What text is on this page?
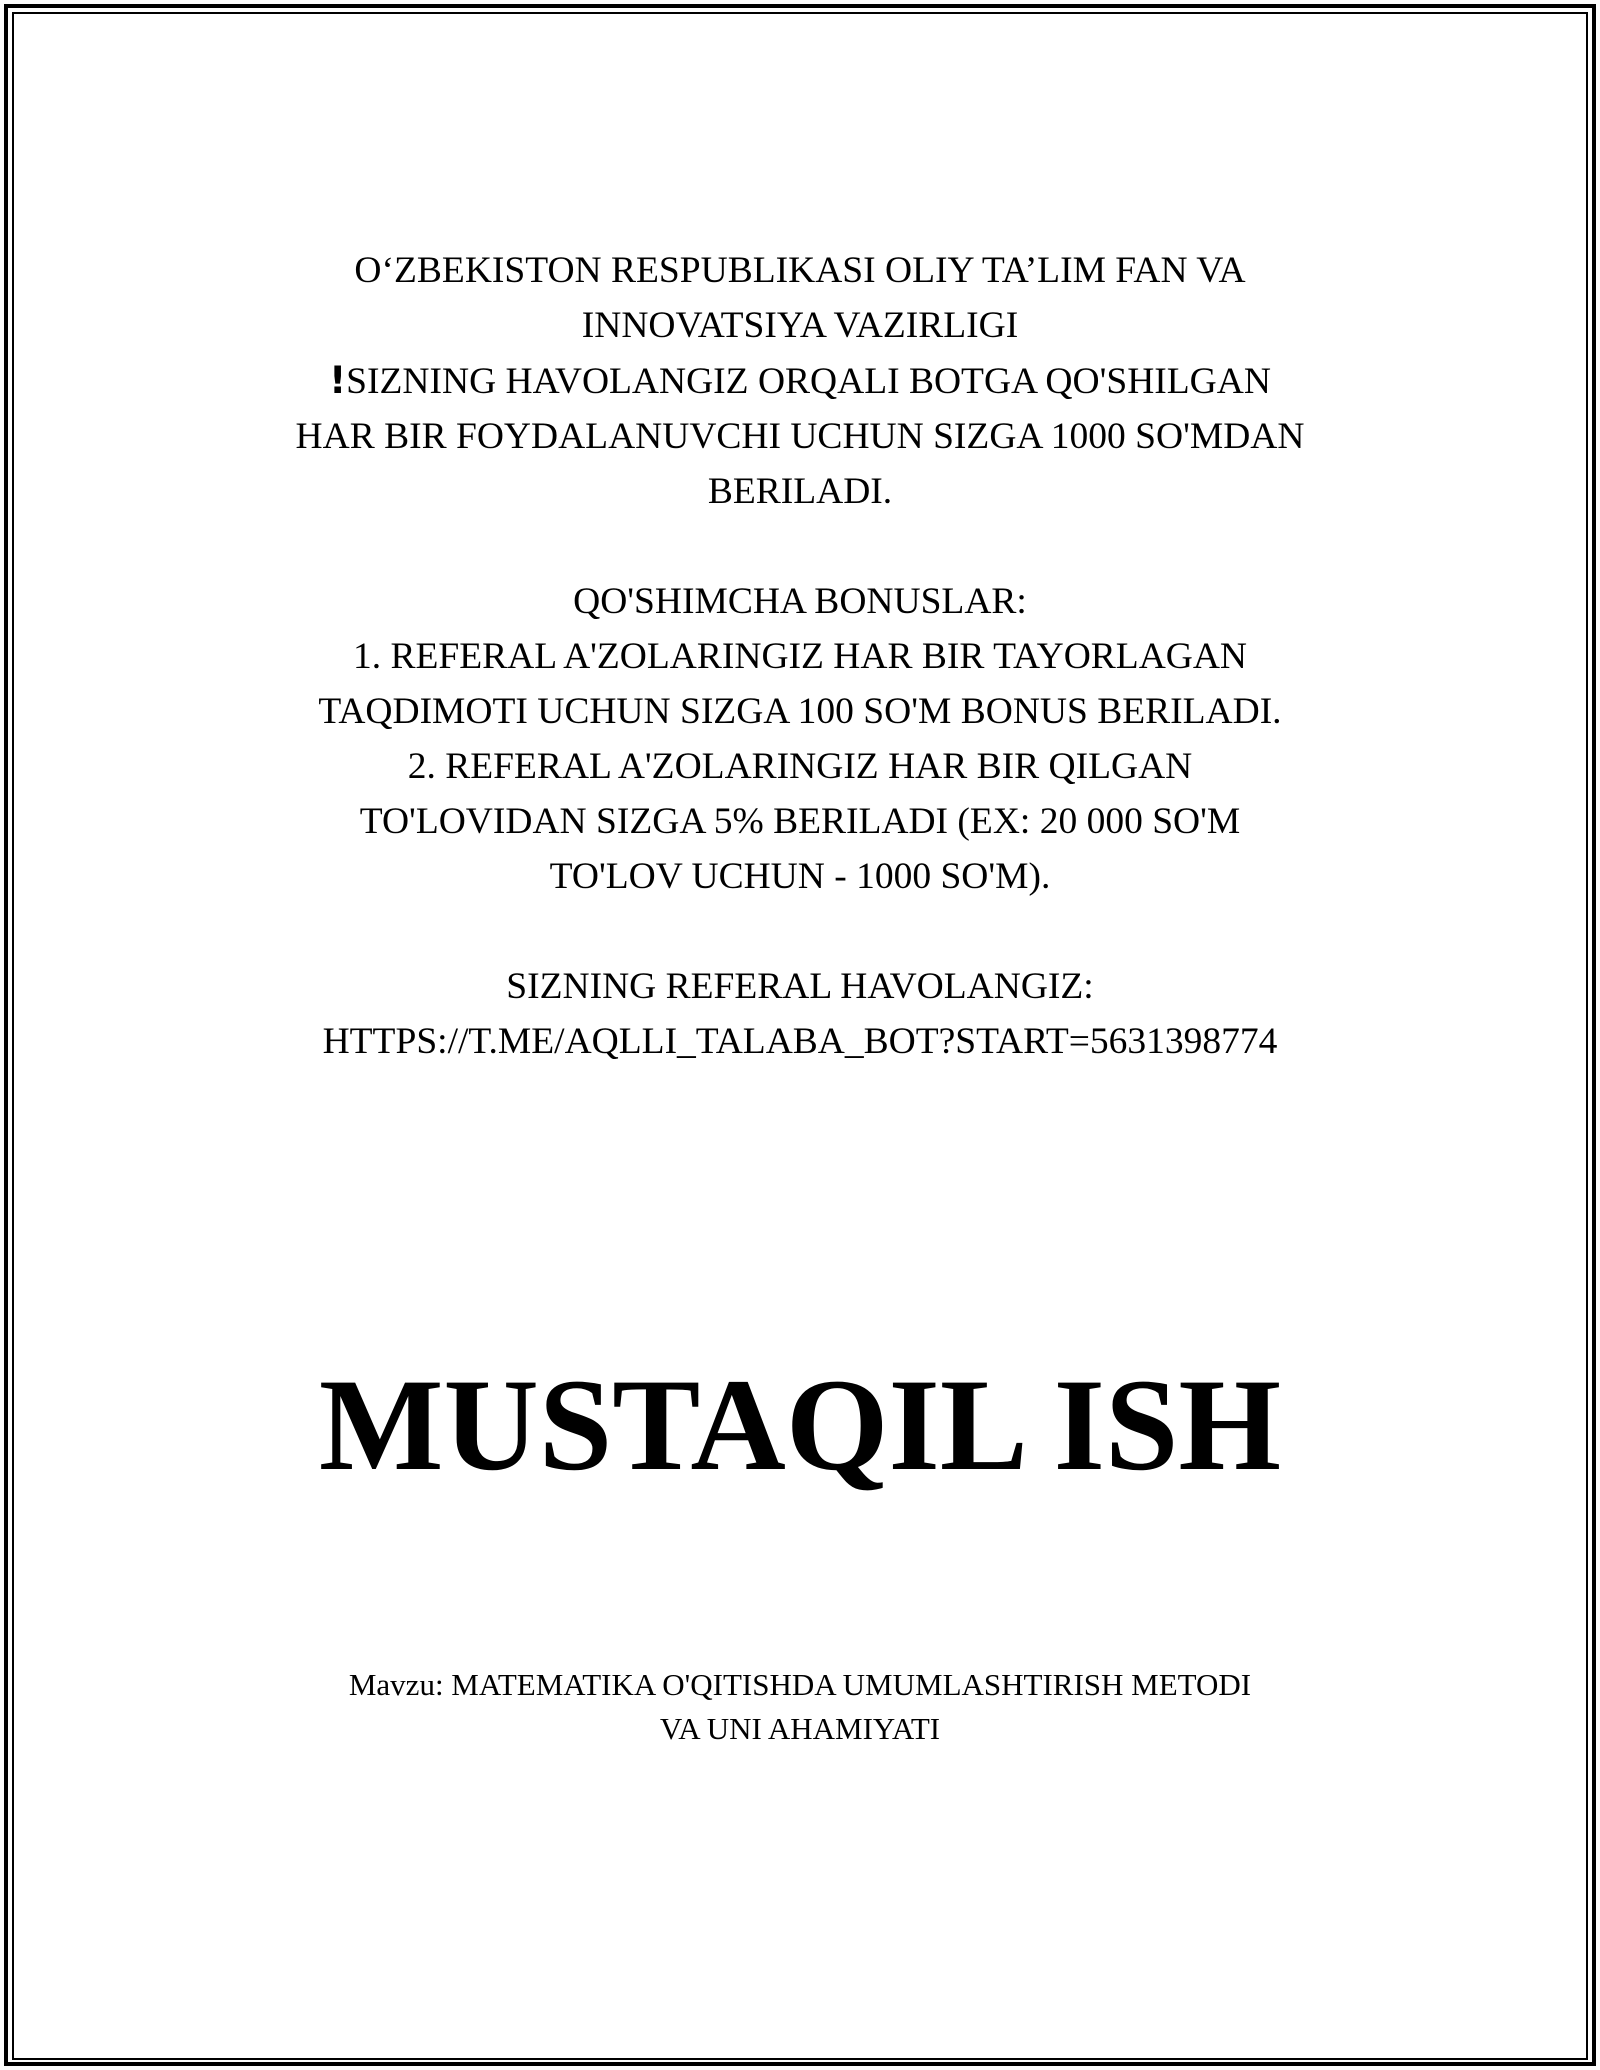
O‘ZBEKISTON RESPUBLIKASI OLIY TA’LIM FAN VA
INNOVATSIYA VAZIRLIGI
!SIZNING HAVOLANGIZ ORQALI BOTGA QO'SHILGAN
HAR BIR FOYDALANUVCHI UCHUN SIZGA 1000 SO'MDAN
BERILADI.
QO'SHIMCHA BONUSLAR:
1. REFERAL A'ZOLARINGIZ HAR BIR TAYORLAGAN
TAQDIMOTI UCHUN SIZGA 100 SO'M BONUS BERILADI.
2. REFERAL A'ZOLARINGIZ HAR BIR QILGAN
TO'LOVIDAN SIZGA 5% BERILADI (EX: 20 000 SO'M
TO'LOV UCHUN - 1000 SO'M).
SIZNING REFERAL HAVOLANGIZ:
HTTPS://T.ME/AQLLI_TALABA_BOT?START=5631398774
MUSTAQIL ISH
Mavzu: MATEMATIKA O'QITISHDA UMUMLASHTIRISH METODI
VA UNI AHAMIYATI
